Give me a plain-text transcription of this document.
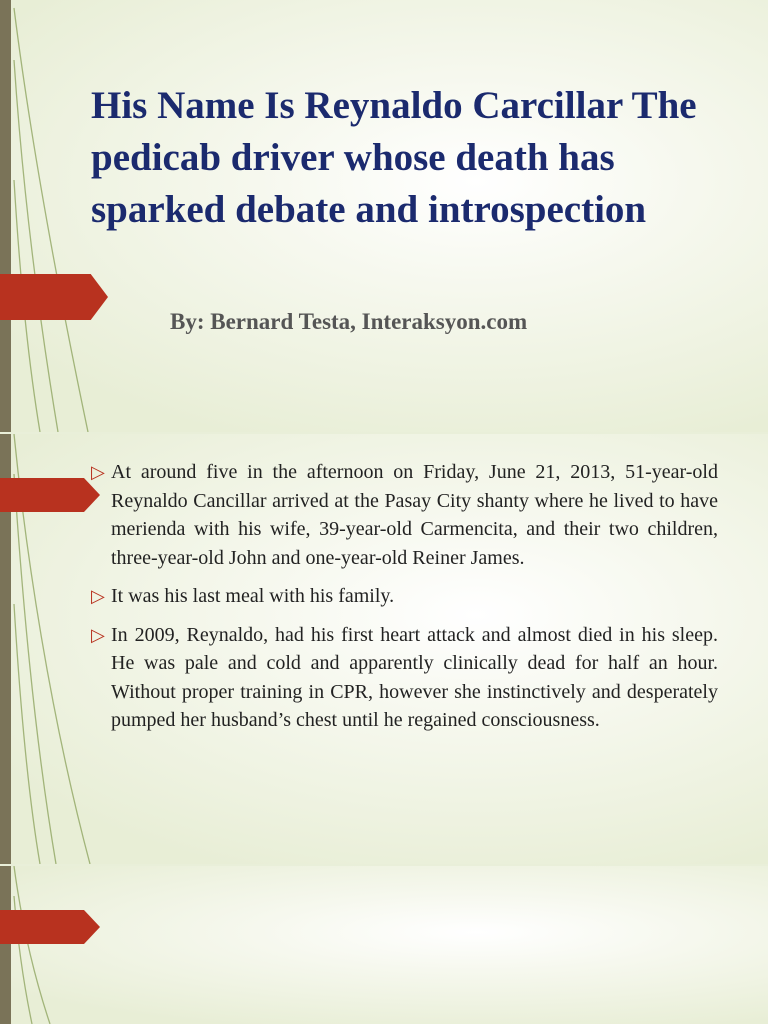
His Name Is Reynaldo Carcillar The pedicab driver whose death has sparked debate and introspection

By: Bernard Testa, Interaksyon.com

▷ At around five in the afternoon on Friday, June 21, 2013, 51-year-old Reynaldo Cancillar arrived at the Pasay City shanty where he lived to have merienda with his wife, 39-year-old Carmencita, and their two children, three-year-old John and one-year-old Reiner James.
▷ It was his last meal with his family.
▷ In 2009, Reynaldo, had his first heart attack and almost died in his sleep. He was pale and cold and apparently clinically dead for half an hour. Without proper training in CPR, however she instinctively and desperately pumped her husband’s chest until he regained consciousness.
